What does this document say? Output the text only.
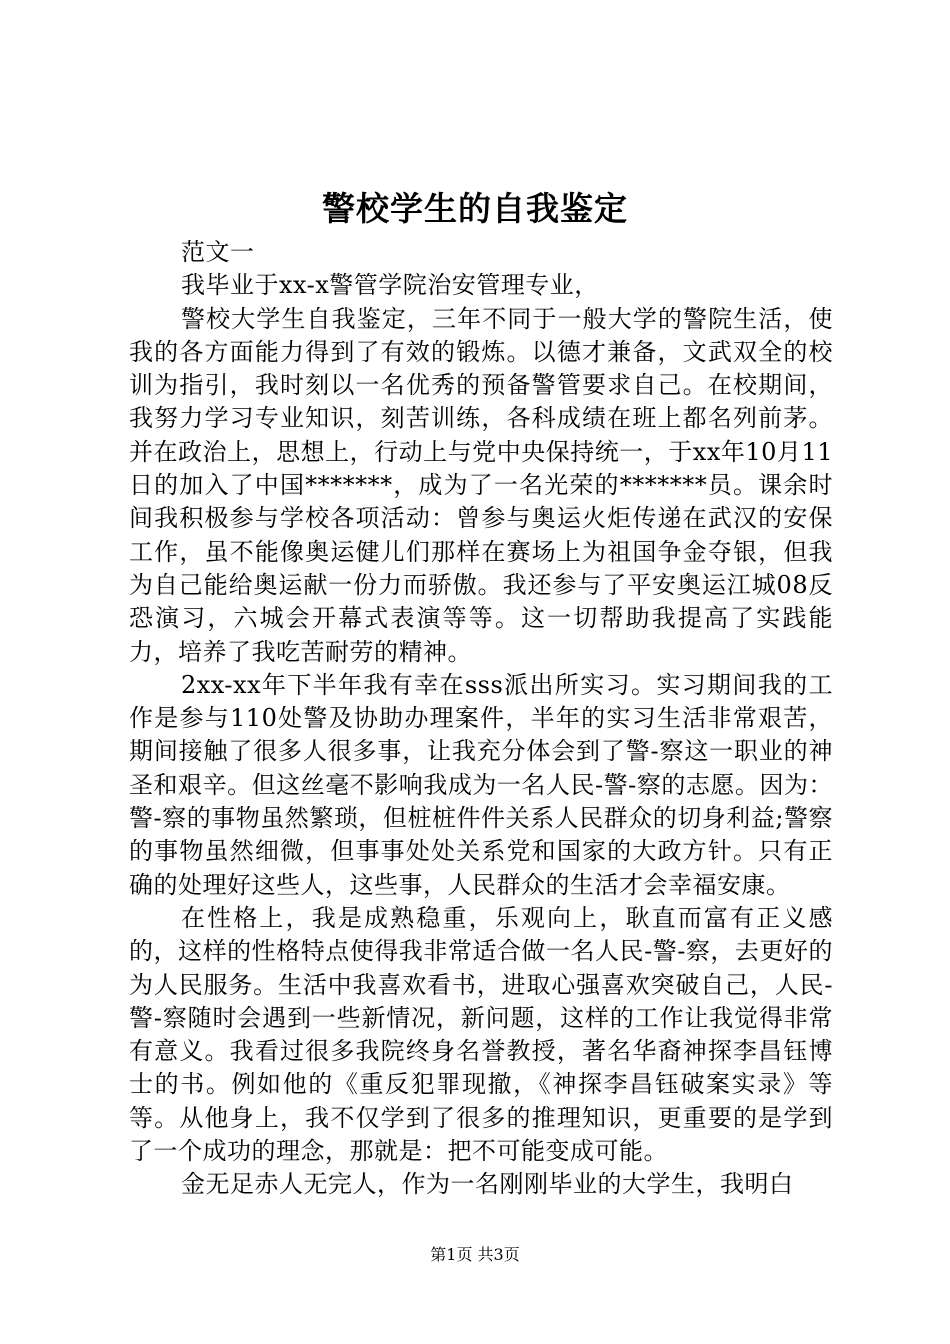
警校学生的自我鉴定

范文一

我毕业于xx-x警管学院治安管理专业，

警校大学生自我鉴定，三年不同于一般大学的警院生活，使我的各方面能力得到了有效的锻炼。以德才兼备，文武双全的校训为指引，我时刻以一名优秀的预备警管要求自己。在校期间，我努力学习专业知识，刻苦训练，各科成绩在班上都名列前茅。并在政治上，思想上，行动上与党中央保持统一，于xx年10月11日的加入了中国*******，成为了一名光荣的*******员。课余时间我积极参与学校各项活动：曾参与奥运火炬传递在武汉的安保工作，虽不能像奥运健儿们那样在赛场上为祖国争金夺银，但我为自己能给奥运献一份力而骄傲。我还参与了平安奥运江城08反恐演习，六城会开幕式表演等等。这一切帮助我提高了实践能力，培养了我吃苦耐劳的精神。

2xx-xx年下半年我有幸在sss派出所实习。实习期间我的工作是参与110处警及协助办理案件，半年的实习生活非常艰苦，期间接触了很多人很多事，让我充分体会到了警-察这一职业的神圣和艰辛。但这丝毫不影响我成为一名人民-警-察的志愿。因为：警-察的事物虽然繁琐，但桩桩件件关系人民群众的切身利益;警察的事物虽然细微，但事事处处关系党和国家的大政方针。只有正确的处理好这些人，这些事，人民群众的生活才会幸福安康。

在性格上，我是成熟稳重，乐观向上，耿直而富有正义感的，这样的性格特点使得我非常适合做一名人民-警-察，去更好的为人民服务。生活中我喜欢看书，进取心强喜欢突破自己，人民-警-察随时会遇到一些新情况，新问题，这样的工作让我觉得非常有意义。我看过很多我院终身名誉教授，著名华裔神探李昌钰博士的书。例如他的《重反犯罪现撤，《神探李昌钰破案实录》等等。从他身上，我不仅学到了很多的推理知识，更重要的是学到了一个成功的理念，那就是：把不可能变成可能。

金无足赤人无完人，作为一名刚刚毕业的大学生，我明白

第1页 共3页
